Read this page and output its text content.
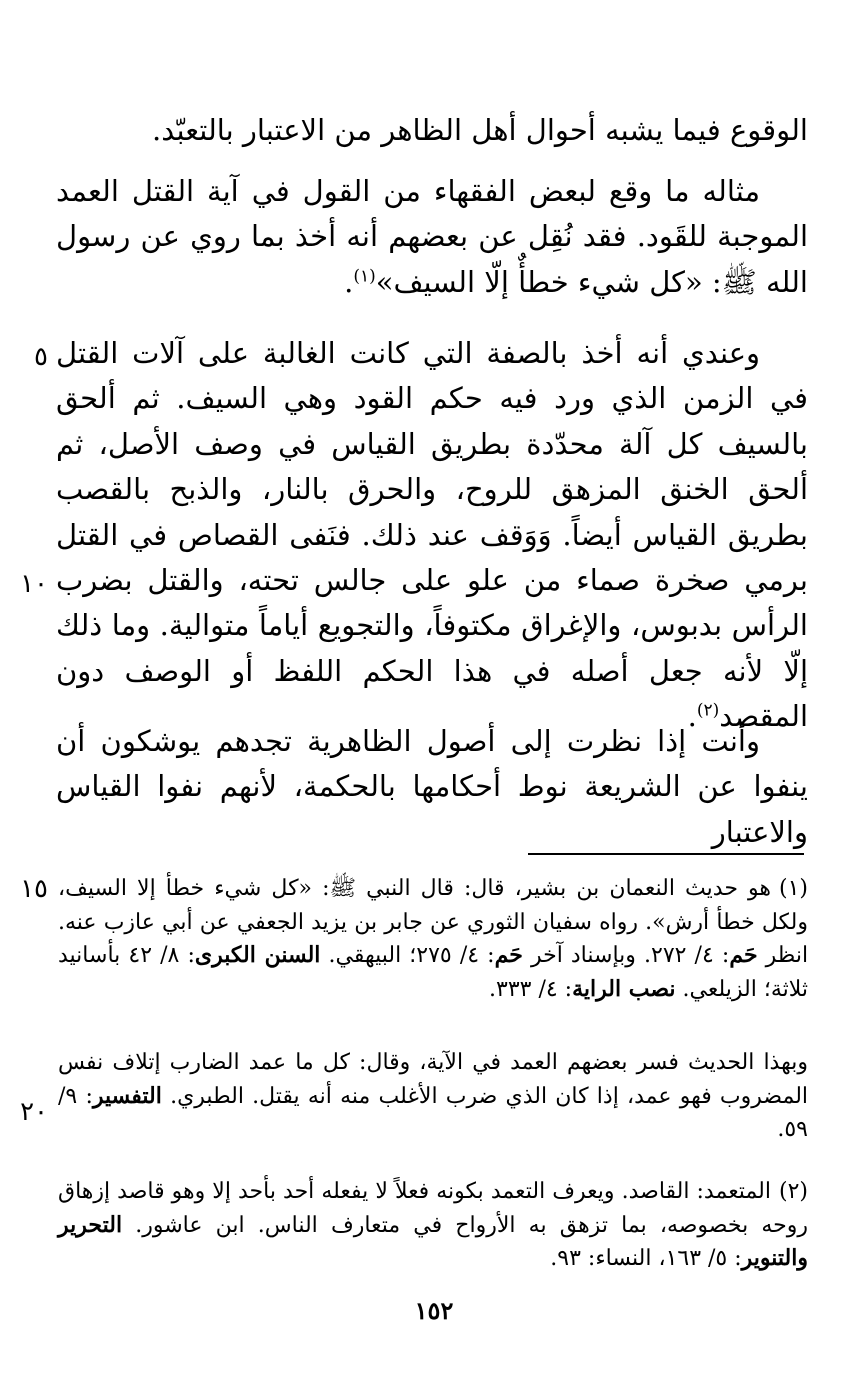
الوقوع فيما يشبه أحوال أهل الظاهر من الاعتبار بالتعبّد.

مثاله ما وقع لبعض الفقهاء من القول في آية القتل العمد الموجبة للقَود. فقد نُقِل عن بعضهم أنه أخذ بما روي عن رسول الله ﷺ: «كل شيء خطأٌ إلّا السيف»$^{(١)}$.

وعندي أنه أخذ بالصفة التي كانت الغالبة على آلات القتل في الزمن الذي ورد فيه حكم القود وهي السيف. ثم ألحق بالسيف كل آلة محدّدة بطريق القياس في وصف الأصل، ثم ألحق الخنق المزهق للروح، والحرق بالنار، والذبح بالقصب بطريق القياس أيضاً. وَوَقف عند ذلك. فنَفى القصاص في القتل برمي صخرة صماء من علو على جالس تحته، والقتل بضرب الرأس بدبوس، والإغراق مكتوفاً، والتجويع أياماً متوالية. وما ذلك إلّا لأنه جعل أصله في هذا الحكم اللفظ أو الوصف دون المقصد$^{(٢)}$.

وأنت إذا نظرت إلى أصول الظاهرية تجدهم يوشكون أن ينفوا عن الشريعة نوط أحكامها بالحكمة، لأنهم نفوا القياس والاعتبار

٥
١٠
١٥
٢٠

(١)هو حديث النعمان بن بشير، قال: قال النبي ﷺ: «كل شيء خطأ إلا السيف، ولكل خطأ أرش». رواه سفيان الثوري عن جابر بن يزيد الجعفي عن أبي عازب عنه. انظر حَم: ٤/ ٢٧٢. وبإسناد آخر حَم: ٤/ ٢٧٥؛ البيهقي. السنن الكبرى: ٨/ ٤٢ بأسانيد ثلاثة؛ الزيلعي. نصب الراية: ٤/ ٣٣٣.

وبهذا الحديث فسر بعضهم العمد في الآية، وقال: كل ما عمد الضارب إتلاف نفس المضروب فهو عمد، إذا كان الذي ضرب الأغلب منه أنه يقتل. الطبري. التفسير: ٩/ ٥٩.

(٢)المتعمد: القاصد. ويعرف التعمد بكونه فعلاً لا يفعله أحد بأحد إلا وهو قاصد إزهاق روحه بخصوصه، بما تزهق به الأرواح في متعارف الناس. ابن عاشور. التحرير والتنوير: ٥/ ١٦٣، النساء: ٩٣.

١٥٢
